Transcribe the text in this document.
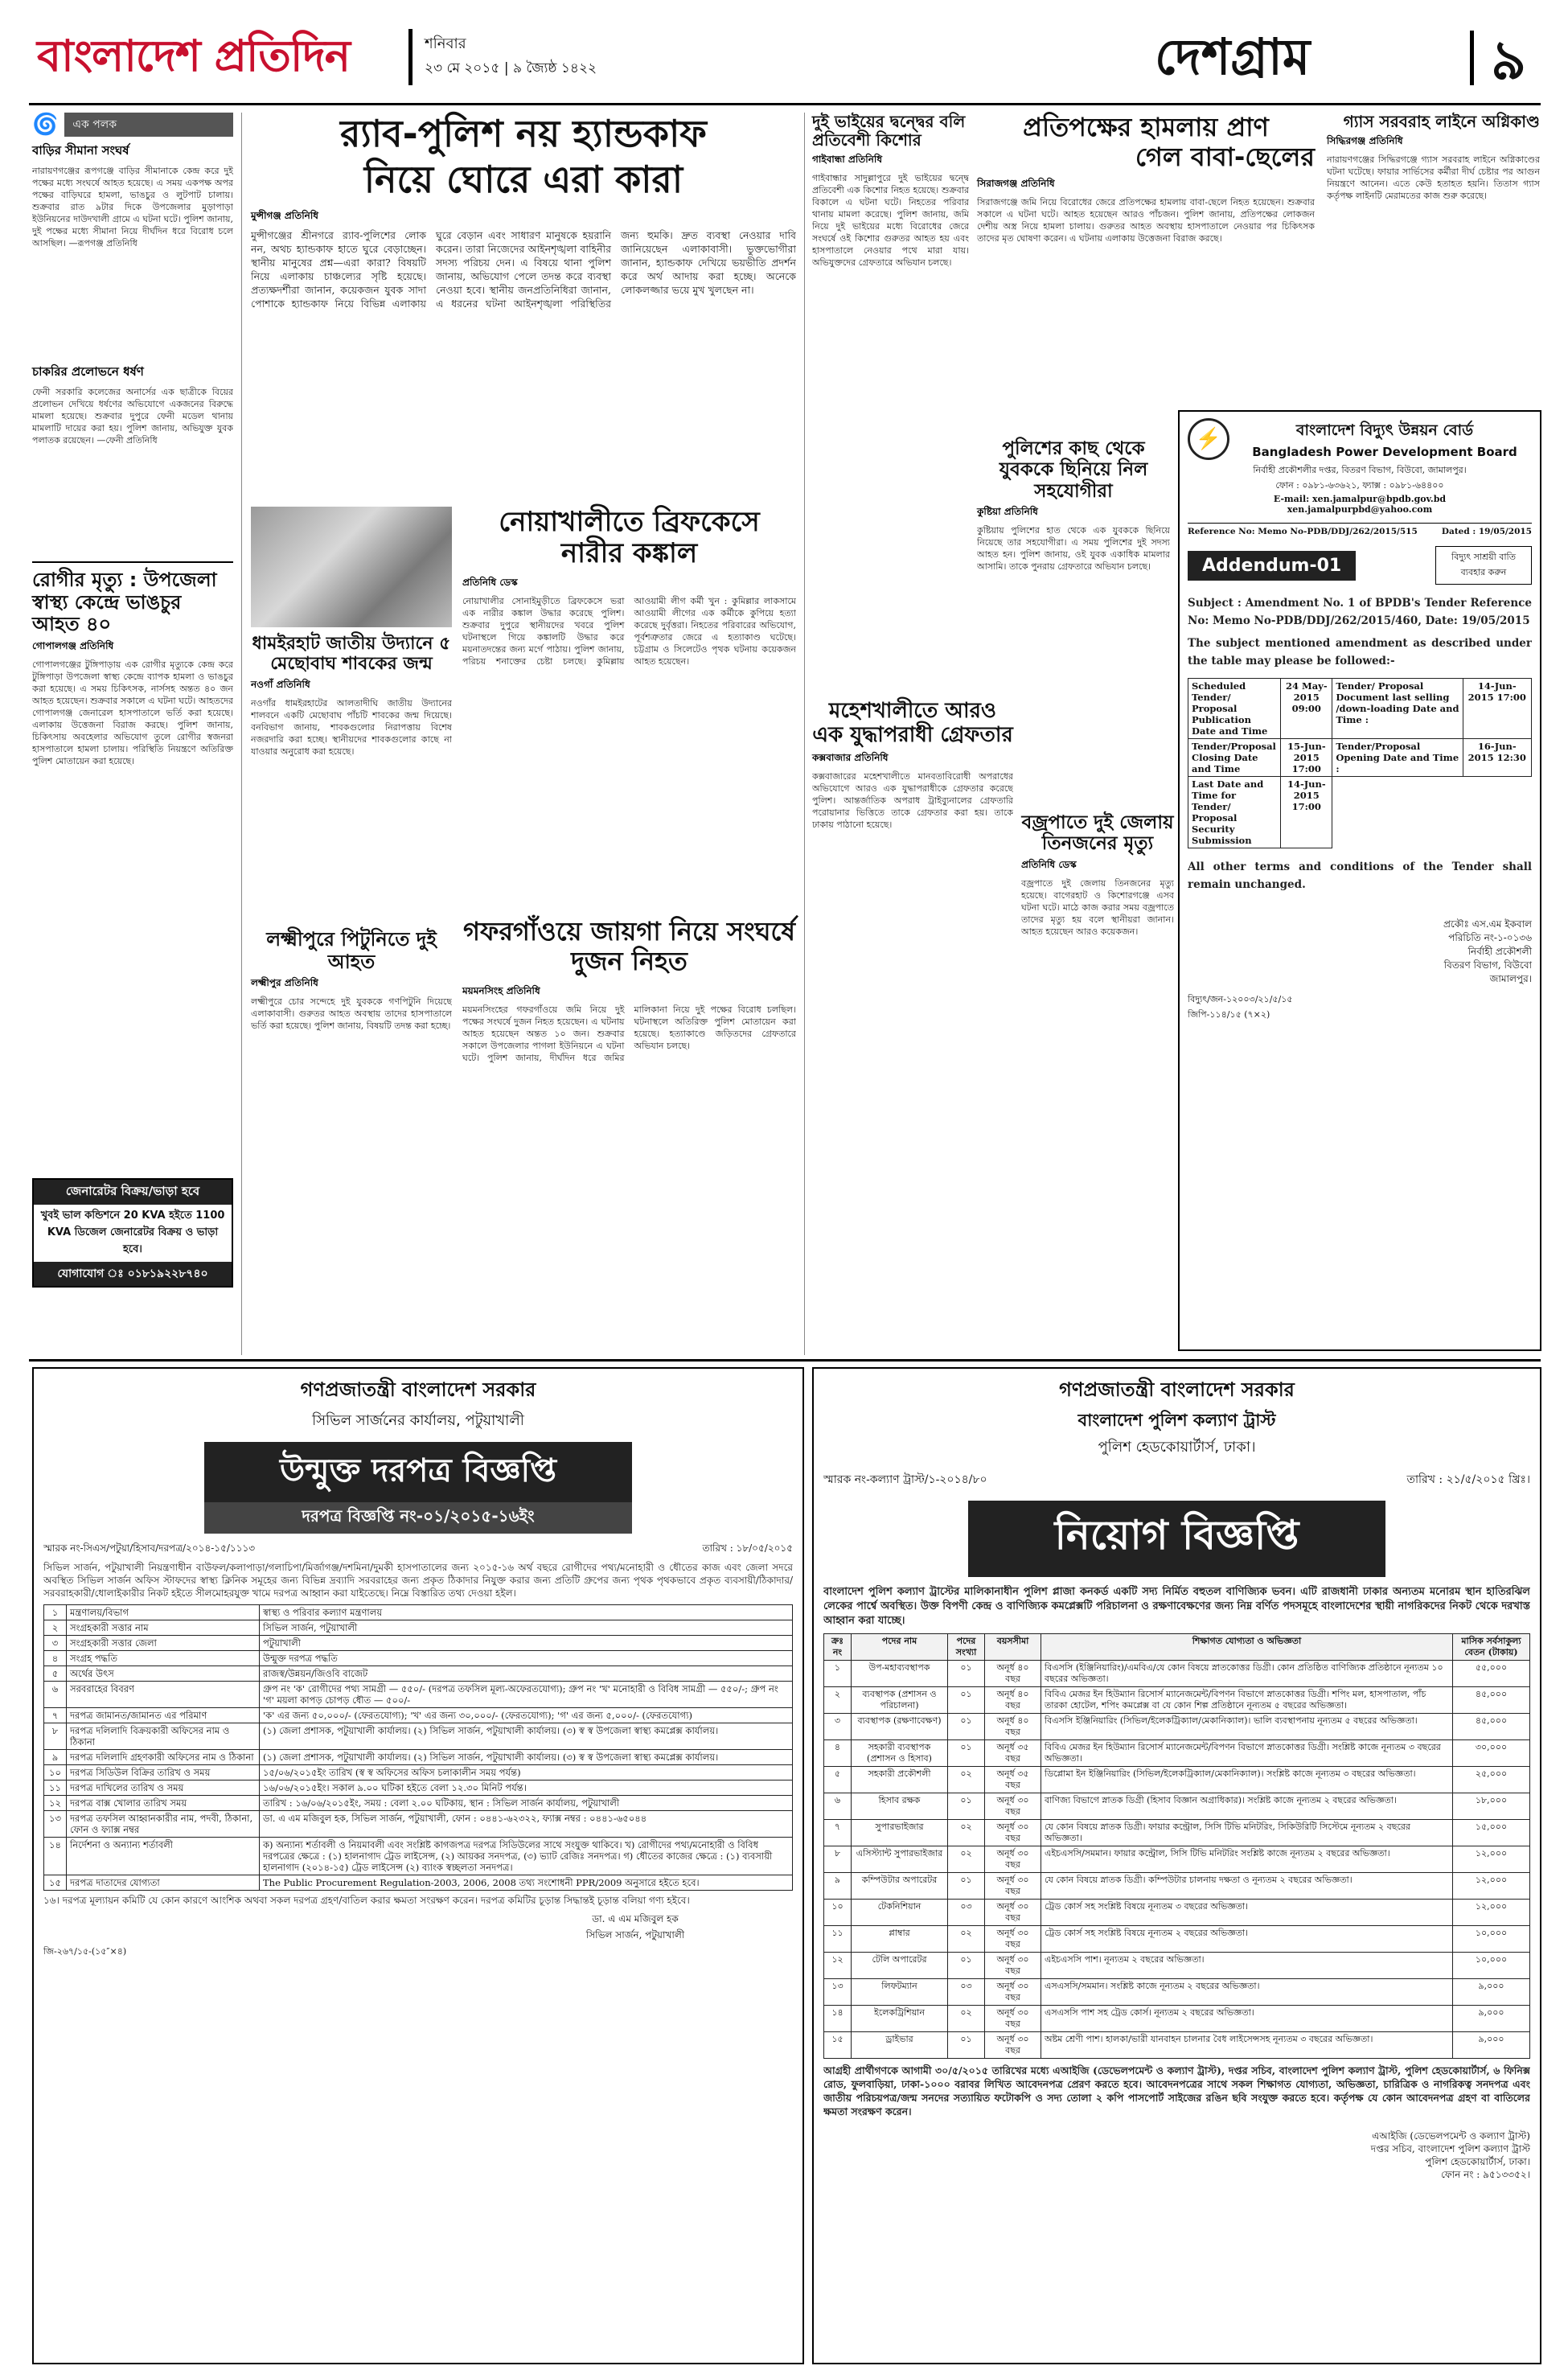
বাংলাদেশ প্রতিদিন	শনিবার
২৩ মে ২০১৫ | ৯ জ্যৈষ্ঠ ১৪২২	দেশগ্রাম	৯
🌀	এক পলক
বাড়ির সীমানা সংঘর্ষ
নারায়ণগঞ্জের রূপগঞ্জে বাড়ির সীমানাকে কেন্দ্র করে দুই পক্ষের মধ্যে সংঘর্ষে আহত হয়েছে। এ সময় একপক্ষ অপর পক্ষের বাড়িঘরে হামলা, ভাঙচুর ও লুটপাট চালায়। শুক্রবার রাত ৯টার দিকে উপজেলার মুড়াপাড়া ইউনিয়নের দাউদখালী গ্রামে এ ঘটনা ঘটে। পুলিশ জানায়, দুই পক্ষের মধ্যে সীমানা নিয়ে দীর্ঘদিন ধরে বিরোধ চলে আসছিল। —রূপগঞ্জ প্রতিনিধি
চাকরির প্রলোভনে ধর্ষণ
ফেনী সরকারি কলেজের অনার্সের এক ছাত্রীকে বিয়ের প্রলোভন দেখিয়ে ধর্ষণের অভিযোগে একজনের বিরুদ্ধে মামলা হয়েছে। শুক্রবার দুপুরে ফেনী মডেল থানায় মামলাটি দায়ের করা হয়। পুলিশ জানায়, অভিযুক্ত যুবক পলাতক রয়েছেন। —ফেনী প্রতিনিধি
রোগীর মৃত্যু : উপজেলা স্বাস্থ্য কেন্দ্রে ভাঙচুর আহত ৪০
গোপালগঞ্জ প্রতিনিধি
গোপালগঞ্জের টুঙ্গিপাড়ায় এক রোগীর মৃত্যুকে কেন্দ্র করে টুঙ্গিপাড়া উপজেলা স্বাস্থ্য কেন্দ্রে ব্যাপক হামলা ও ভাঙচুর করা হয়েছে। এ সময় চিকিৎসক, নার্সসহ অন্তত ৪০ জন আহত হয়েছেন। শুক্রবার সকালে এ ঘটনা ঘটে। আহতদের গোপালগঞ্জ জেনারেল হাসপাতালে ভর্তি করা হয়েছে। এলাকায় উত্তেজনা বিরাজ করছে। পুলিশ জানায়, চিকিৎসায় অবহেলার অভিযোগ তুলে রোগীর স্বজনরা হাসপাতালে হামলা চালায়। পরিস্থিতি নিয়ন্ত্রণে অতিরিক্ত পুলিশ মোতায়েন করা হয়েছে।
জেনারেটর বিক্রয়/ভাড়া হবে
খুবই ভাল কন্ডিশনে 20 KVA হইতে 1100 KVA ডিজেল জেনারেটর বিক্রয় ও ভাড়া হবে।
যোগাযোগ ঃ ০১৮১৯২২৮৭৪০
র‌্যাব-পুলিশ নয় হ্যান্ডকাফ
নিয়ে ঘোরে এরা কারা
মুন্সীগঞ্জ প্রতিনিধি
মুন্সীগঞ্জের শ্রীনগরে র‌্যাব-পুলিশের লোক নন, অথচ হ্যান্ডকাফ হাতে ঘুরে বেড়াচ্ছেন। স্থানীয় মানুষের প্রশ্ন—এরা কারা? বিষয়টি নিয়ে এলাকায় চাঞ্চল্যের সৃষ্টি হয়েছে। প্রত্যক্ষদর্শীরা জানান, কয়েকজন যুবক সাদা পোশাকে হ্যান্ডকাফ নিয়ে বিভিন্ন এলাকায় ঘুরে বেড়ান এবং সাধারণ মানুষকে হয়রানি করেন। তারা নিজেদের আইনশৃঙ্খলা বাহিনীর সদস্য পরিচয় দেন। এ বিষয়ে থানা পুলিশ জানায়, অভিযোগ পেলে তদন্ত করে ব্যবস্থা নেওয়া হবে। স্থানীয় জনপ্রতিনিধিরা জানান, এ ধরনের ঘটনা আইনশৃঙ্খলা পরিস্থিতির জন্য হুমকি। দ্রুত ব্যবস্থা নেওয়ার দাবি জানিয়েছেন এলাকাবাসী। ভুক্তভোগীরা জানান, হ্যান্ডকাফ দেখিয়ে ভয়ভীতি প্রদর্শন করে অর্থ আদায় করা হচ্ছে। অনেকে লোকলজ্জার ভয়ে মুখ খুলছেন না।
ধামইরহাট জাতীয় উদ্যানে ৫ মেছোবাঘ শাবকের জন্ম
নওগাঁ প্রতিনিধি
নওগাঁর ধামইরহাটের আলতাদীঘি জাতীয় উদ্যানের শালবনে একটি মেছোবাঘ পাঁচটি শাবকের জন্ম দিয়েছে। বনবিভাগ জানায়, শাবকগুলোর নিরাপত্তায় বিশেষ নজরদারি করা হচ্ছে। স্থানীয়দের শাবকগুলোর কাছে না যাওয়ার অনুরোধ করা হয়েছে।
নোয়াখালীতে ব্রিফকেসে নারীর কঙ্কাল
প্রতিনিধি ডেস্ক
নোয়াখালীর সোনাইমুড়ীতে ব্রিফকেসে ভরা এক নারীর কঙ্কাল উদ্ধার করেছে পুলিশ। শুক্রবার দুপুরে স্থানীয়দের খবরে পুলিশ ঘটনাস্থলে গিয়ে কঙ্কালটি উদ্ধার করে ময়নাতদন্তের জন্য মর্গে পাঠায়। পুলিশ জানায়, পরিচয় শনাক্তের চেষ্টা চলছে। কুমিল্লায় আওয়ামী লীগ কর্মী খুন : কুমিল্লার লাকসামে আওয়ামী লীগের এক কর্মীকে কুপিয়ে হত্যা করেছে দুর্বৃত্তরা। নিহতের পরিবারের অভিযোগ, পূর্বশত্রুতার জেরে এ হত্যাকাণ্ড ঘটেছে। চট্টগ্রাম ও সিলেটেও পৃথক ঘটনায় কয়েকজন আহত হয়েছেন।
লক্ষ্মীপুরে পিটুনিতে দুই আহত
লক্ষ্মীপুর প্রতিনিধি
লক্ষ্মীপুরে চোর সন্দেহে দুই যুবককে গণপিটুনি দিয়েছে এলাকাবাসী। গুরুতর আহত অবস্থায় তাদের হাসপাতালে ভর্তি করা হয়েছে। পুলিশ জানায়, বিষয়টি তদন্ত করা হচ্ছে।
গফরগাঁওয়ে জায়গা নিয়ে সংঘর্ষে দুজন নিহত
ময়মনসিংহ প্রতিনিধি
ময়মনসিংহের গফরগাঁওয়ে জমি নিয়ে দুই পক্ষের সংঘর্ষে দুজন নিহত হয়েছেন। এ ঘটনায় আহত হয়েছেন অন্তত ১০ জন। শুক্রবার সকালে উপজেলার পাগলা ইউনিয়নে এ ঘটনা ঘটে। পুলিশ জানায়, দীর্ঘদিন ধরে জমির মালিকানা নিয়ে দুই পক্ষের বিরোধ চলছিল। ঘটনাস্থলে অতিরিক্ত পুলিশ মোতায়েন করা হয়েছে। হত্যাকাণ্ডে জড়িতদের গ্রেফতারে অভিযান চলছে।
দুই ভাইয়ের দ্বন্দ্বের বলি প্রতিবেশী কিশোর
গাইবান্ধা প্রতিনিধি
গাইবান্ধার সাদুল্লাপুরে দুই ভাইয়ের দ্বন্দ্বে প্রতিবেশী এক কিশোর নিহত হয়েছে। শুক্রবার বিকালে এ ঘটনা ঘটে। নিহতের পরিবার থানায় মামলা করেছে। পুলিশ জানায়, জমি নিয়ে দুই ভাইয়ের মধ্যে বিরোধের জেরে সংঘর্ষে ওই কিশোর গুরুতর আহত হয় এবং হাসপাতালে নেওয়ার পথে মারা যায়। অভিযুক্তদের গ্রেফতারে অভিযান চলছে।
মহেশখালীতে আরও এক যুদ্ধাপরাধী গ্রেফতার
কক্সবাজার প্রতিনিধি
কক্সবাজারের মহেশখালীতে মানবতাবিরোধী অপরাধের অভিযোগে আরও এক যুদ্ধাপরাধীকে গ্রেফতার করেছে পুলিশ। আন্তর্জাতিক অপরাধ ট্রাইব্যুনালের গ্রেফতারি পরোয়ানার ভিত্তিতে তাকে গ্রেফতার করা হয়। তাকে ঢাকায় পাঠানো হয়েছে।
প্রতিপক্ষের হামলায় প্রাণ
গেল বাবা-ছেলের
সিরাজগঞ্জ প্রতিনিধি
সিরাজগঞ্জে জমি নিয়ে বিরোধের জেরে প্রতিপক্ষের হামলায় বাবা-ছেলে নিহত হয়েছেন। শুক্রবার সকালে এ ঘটনা ঘটে। আহত হয়েছেন আরও পাঁচজন। পুলিশ জানায়, প্রতিপক্ষের লোকজন দেশীয় অস্ত্র নিয়ে হামলা চালায়। গুরুতর আহত অবস্থায় হাসপাতালে নেওয়ার পর চিকিৎসক তাদের মৃত ঘোষণা করেন। এ ঘটনায় এলাকায় উত্তেজনা বিরাজ করছে।
পুলিশের কাছ থেকে যুবককে ছিনিয়ে নিল সহযোগীরা
কুষ্টিয়া প্রতিনিধি
কুষ্টিয়ায় পুলিশের হাত থেকে এক যুবককে ছিনিয়ে নিয়েছে তার সহযোগীরা। এ সময় পুলিশের দুই সদস্য আহত হন। পুলিশ জানায়, ওই যুবক একাধিক মামলার আসামি। তাকে পুনরায় গ্রেফতারে অভিযান চলছে।
বজ্রপাতে দুই জেলায় তিনজনের মৃত্যু
প্রতিনিধি ডেস্ক
বজ্রপাতে দুই জেলায় তিনজনের মৃত্যু হয়েছে। বাগেরহাট ও কিশোরগঞ্জে এসব ঘটনা ঘটে। মাঠে কাজ করার সময় বজ্রপাতে তাদের মৃত্যু হয় বলে স্থানীয়রা জানান। আহত হয়েছেন আরও কয়েকজন।
গ্যাস সরবরাহ লাইনে অগ্নিকাণ্ড
সিদ্ধিরগঞ্জ প্রতিনিধি
নারায়ণগঞ্জের সিদ্ধিরগঞ্জে গ্যাস সরবরাহ লাইনে অগ্নিকাণ্ডের ঘটনা ঘটেছে। ফায়ার সার্ভিসের কর্মীরা দীর্ঘ চেষ্টার পর আগুন নিয়ন্ত্রণে আনেন। এতে কেউ হতাহত হয়নি। তিতাস গ্যাস কর্তৃপক্ষ লাইনটি মেরামতের কাজ শুরু করেছে।
⚡	বাংলাদেশ বিদ্যুৎ উন্নয়ন বোর্ড
Bangladesh Power Development Board
নির্বাহী প্রকৌশলীর দপ্তর, বিতরণ বিভাগ, বিউবো, জামালপুর।
ফোন : ০৯৮১-৬৩৬২১, ফ্যাক্স : ০৯৮১-৬৪৪০০
E-mail: xen.jamalpur@bpdb.gov.bd
xen.jamalpurpbd@yahoo.com
Reference No: Memo No-PDB/DDJ/262/2015/515	Dated : 19/05/2015
Addendum-01	বিদ্যুৎ সাশ্রয়ী বাতি ব্যবহার করুন
Subject : Amendment No. 1 of BPDB's Tender Reference No: Memo No-PDB/DDJ/262/2015/460, Date: 19/05/2015
The subject mentioned amendment as described under the table may please be followed:-
Scheduled Tender/ Proposal Publication Date and Time	24 May-2015 09:00	Tender/ Proposal Document last selling /down-loading Date and Time :	14-Jun-2015 17:00
Tender/Proposal Closing Date and Time	15-Jun-2015 17:00	Tender/Proposal Opening Date and Time :	16-Jun-2015 12:30
Last Date and Time for Tender/ Proposal Security Submission	14-Jun-2015 17:00		
All other terms and conditions of the Tender shall remain unchanged.
প্রকৌঃ এস.এম ইকবাল
পরিচিতি নং-১-০১৩৬
নির্বাহী প্রকৌশলী
বিতরণ বিভাগ, বিউবো
জামালপুর।
বিদ্যুৎ/জন-১২০০৩/২১/৫/১৫ জিপি-১১৪/১৫ (৭×২)
গণপ্রজাতন্ত্রী বাংলাদেশ সরকার
সিভিল সার্জনের কার্যালয়, পটুয়াখালী
উন্মুক্ত দরপত্র বিজ্ঞপ্তি
দরপত্র বিজ্ঞপ্তি নং-০১/২০১৫-১৬ইং
স্মারক নং-সিএস/পটুয়া/হিসাব/দরপত্র/২০১৪-১৫/১১১৩	তারিখ : ১৮/০৫/২০১৫
সিভিল সার্জন, পটুয়াখালী নিয়ন্ত্রণাধীন বাউফল/কলাপাড়া/গলাচিপা/মির্জাগঞ্জ/দশমিনা/দুমকী হাসপাতালের জন্য ২০১৫-১৬ অর্থ বছরে রোগীদের পথ্য/মনোহারী ও ধৌতের কাজ এবং জেলা সদরে অবস্থিত সিভিল সার্জন অফিস স্টাফদের স্বাস্থ্য ক্লিনিক সমূহের জন্য বিভিন্ন দ্রব্যাদি সরবরাহের জন্য প্রকৃত ঠিকাদার নিযুক্ত করার জন্য প্রতিটি গ্রুপের জন্য পৃথক পৃথকভাবে প্রকৃত ব্যবসায়ী/ঠিকাদার/সরবরাহকারী/ধোলাইকারীর নিকট হইতে সীলমোহরযুক্ত খামে দরপত্র আহ্বান করা যাইতেছে। নিম্নে বিস্তারিত তথ্য দেওয়া হইল।
১	মন্ত্রণালয়/বিভাগ	স্বাস্থ্য ও পরিবার কল্যাণ মন্ত্রণালয়
২	সংগ্রহকারী সত্তার নাম	সিভিল সার্জন, পটুয়াখালী
৩	সংগ্রহকারী সত্তার জেলা	পটুয়াখালী
৪	সংগ্রহ পদ্ধতি	উন্মুক্ত দরপত্র পদ্ধতি
৫	অর্থের উৎস	রাজস্ব/উন্নয়ন/জিওবি বাজেট
৬	সরবরাহের বিবরণ	গ্রুপ নং 'ক' রোগীদের পথ্য সামগ্রী — ৫৫০/- (দরপত্র তফসিল মূল্য-অফেরতযোগ্য); গ্রুপ নং 'খ' মনোহারী ও বিবিধ সামগ্রী — ৫৫০/-; গ্রুপ নং 'গ' ময়লা কাপড় চোপড় ধৌত — ৫০০/-
৭	দরপত্র জামানত/জামানত এর পরিমাণ	'ক' এর জন্য ৫০,০০০/- (ফেরতযোগ্য); 'খ' এর জন্য ৩০,০০০/- (ফেরতযোগ্য); 'গ' এর জন্য ৫,০০০/- (ফেরতযোগ্য)
৮	দরপত্র দলিলাদি বিক্রয়কারী অফিসের নাম ও ঠিকানা	(১) জেলা প্রশাসক, পটুয়াখালী কার্যালয়। (২) সিভিল সার্জন, পটুয়াখালী কার্যালয়। (৩) স্ব স্ব উপজেলা স্বাস্থ্য কমপ্লেক্স কার্যালয়।
৯	দরপত্র দলিলাদি গ্রহণকারী অফিসের নাম ও ঠিকানা	(১) জেলা প্রশাসক, পটুয়াখালী কার্যালয়। (২) সিভিল সার্জন, পটুয়াখালী কার্যালয়। (৩) স্ব স্ব উপজেলা স্বাস্থ্য কমপ্লেক্স কার্যালয়।
১০	দরপত্র সিডিউল বিক্রির তারিখ ও সময়	১৫/০৬/২০১৫ইং তারিখ (স্ব স্ব অফিসের অফিস চলাকালীন সময় পর্যন্ত)
১১	দরপত্র দাখিলের তারিখ ও সময়	১৬/০৬/২০১৫ইং। সকাল ৯.০০ ঘটিকা হইতে বেলা ১২.৩০ মিনিট পর্যন্ত।
১২	দরপত্র বাক্স খোলার তারিখ সময়	তারিখ : ১৬/০৬/২০১৫ইং, সময় : বেলা ২.০০ ঘটিকায়, স্থান : সিভিল সার্জন কার্যালয়, পটুয়াখালী
১৩	দরপত্র তফসিল আহ্বানকারীর নাম, পদবী, ঠিকানা, ফোন ও ফ্যাক্স নম্বর	ডা. এ এম মজিবুল হক, সিভিল সার্জন, পটুয়াখালী, ফোন : ০৪৪১-৬২৩২২, ফ্যাক্স নম্বর : ০৪৪১-৬৫০৪৪
১৪	নির্দেশনা ও অন্যান্য শর্তাবলী	ক) অন্যান্য শর্তাবলী ও নিয়মাবলী এবং সংশ্লিষ্ট কাগজপত্র দরপত্র সিডিউলের সাথে সংযুক্ত থাকিবে। খ) রোগীদের পথ্য/মনোহারী ও বিবিধ দরপত্রের ক্ষেত্রে : (১) হালনাগাদ ট্রেড লাইসেন্স, (২) আয়কর সনদপত্র, (৩) ভ্যাট রেজিঃ সনদপত্র। গ) ধৌতের কাজের ক্ষেত্রে : (১) ব্যবসায়ী হালনাগাদ (২০১৪-১৫) ট্রেড লাইসেন্স (২) ব্যাংক স্বচ্ছলতা সনদপত্র।
১৫	দরপত্র দাতাদের যোগ্যতা	The Public Procurement Regulation-2003, 2006, 2008 তথ্য সংশোধনী PPR/2009 অনুসারে হইতে হবে।
১৬। দরপত্র মূল্যায়ন কমিটি যে কোন কারণে আংশিক অথবা সকল দরপত্র গ্রহণ/বাতিল করার ক্ষমতা সংরক্ষণ করেন। দরপত্র কমিটির চূড়ান্ত সিদ্ধান্তই চূড়ান্ত বলিয়া গণ্য হইবে।
ডা. এ এম মজিবুল হক
সিভিল সার্জন, পটুয়াখালী
জি-২৬৭/১৫-(১৫″×৪)
গণপ্রজাতন্ত্রী বাংলাদেশ সরকার
বাংলাদেশ পুলিশ কল্যাণ ট্রাস্ট
পুলিশ হেডকোয়ার্টার্স, ঢাকা।
স্মারক নং-কল্যাণ ট্রাস্ট/১-২০১৪/৮০	তারিখ : ২১/৫/২০১৫ খ্রিঃ।
নিয়োগ বিজ্ঞপ্তি
বাংলাদেশ পুলিশ কল্যাণ ট্রাস্টের মালিকানাধীন পুলিশ প্লাজা কনকর্ড একটি সদ্য নির্মিত বহুতল বাণিজ্যিক ভবন। এটি রাজধানী ঢাকার অন্যতম মনোরম স্থান হাতিরঝিল লেকের পার্শ্বে অবস্থিত। উক্ত বিপণী কেন্দ্র ও বাণিজ্যিক কমপ্লেক্সটি পরিচালনা ও রক্ষণাবেক্ষণের জন্য নিম্ন বর্ণিত পদসমূহে বাংলাদেশের স্থায়ী নাগরিকদের নিকট থেকে দরখাস্ত আহ্বান করা যাচ্ছে।
ক্রঃ নং	পদের নাম	পদের সংখ্যা	বয়সসীমা	শিক্ষাগত যোগ্যতা ও অভিজ্ঞতা	মাসিক সর্বসাকুল্য বেতন (টাকায়)
১	উপ-মহাব্যবস্থাপক	০১	অনূর্ধ ৪০ বছর	বিএসসি (ইঞ্জিনিয়ারিং)/এমবিএ/যে কোন বিষয়ে স্নাতকোত্তর ডিগ্রী। কোন প্রতিষ্ঠিত বাণিজ্যিক প্রতিষ্ঠানে নূন্যতম ১০ বছরের অভিজ্ঞতা।	৫৫,০০০
২	ব্যবস্থাপক (প্রশাসন ও পরিচালনা)	০১	অনূর্ধ ৪০ বছর	বিবিএ মেজর ইন হিউম্যান রিসোর্স ম্যানেজমেন্ট/বিপণন বিভাগে স্নাতকোত্তর ডিগ্রী। শপিং মল, হাসপাতাল, পাঁচ তারকা হোটেল, শপিং কমপ্লেক্স বা যে কোন শিল্প প্রতিষ্ঠানে নূন্যতম ৫ বছরের অভিজ্ঞতা।	৪৫,০০০
৩	ব্যবস্থাপক (রক্ষণাবেক্ষণ)	০১	অনূর্ধ ৪০ বছর	বিএসসি ইঞ্জিনিয়ারিং (সিভিল/ইলেকট্রিক্যাল/মেকানিক্যাল)। ভালি ব্যবস্থাপনায় নূন্যতম ৫ বছরের অভিজ্ঞতা।	৪৫,০০০
৪	সহকারী ব্যবস্থাপক (প্রশাসন ও হিসাব)	০১	অনূর্ধ ৩৫ বছর	বিবিএ মেজর ইন হিউম্যান রিসোর্স ম্যানেজমেন্ট/বিপণন বিভাগে স্নাতকোত্তর ডিগ্রী। সংশ্লিষ্ট কাজে নূন্যতম ৩ বছরের অভিজ্ঞতা।	৩০,০০০
৫	সহকারী প্রকৌশলী	০২	অনূর্ধ ৩৫ বছর	ডিপ্লোমা ইন ইঞ্জিনিয়ারিং (সিভিল/ইলেকট্রিক্যাল/মেকানিক্যাল)। সংশ্লিষ্ট কাজে নূন্যতম ৩ বছরের অভিজ্ঞতা।	২৫,০০০
৬	হিসাব রক্ষক	০১	অনূর্ধ ৩০ বছর	বাণিজ্য বিভাগে স্নাতক ডিগ্রী (হিসাব বিজ্ঞান অগ্রাধিকার)। সংশ্লিষ্ট কাজে নূন্যতম ২ বছরের অভিজ্ঞতা।	১৮,০০০
৭	সুপারভাইজার	০২	অনূর্ধ ৩০ বছর	যে কোন বিষয়ে স্নাতক ডিগ্রী। ফায়ার কন্ট্রোল, সিসি টিভি মনিটরিং, সিকিউরিটি সিস্টেমে নূন্যতম ২ বছরের অভিজ্ঞতা।	১৫,০০০
৮	এসিস্ট্যান্ট সুপারভাইজার	০২	অনূর্ধ ৩০ বছর	এইচএসসি/সমমান। ফায়ার কন্ট্রোল, সিসি টিভি মনিটরিং সংশ্লিষ্ট কাজে নূন্যতম ২ বছরের অভিজ্ঞতা।	১২,০০০
৯	কম্পিউটার অপারেটর	০১	অনূর্ধ ৩০ বছর	যে কোন বিষয়ে স্নাতক ডিগ্রী। কম্পিউটার চালনায় দক্ষতা ও নূন্যতম ২ বছরের অভিজ্ঞতা।	১২,০০০
১০	টেকনিশিয়ান	০৩	অনূর্ধ ৩০ বছর	ট্রেড কোর্স সহ সংশ্লিষ্ট বিষয়ে নূন্যতম ৩ বছরের অভিজ্ঞতা।	১২,০০০
১১	প্লাম্বার	০২	অনূর্ধ ৩০ বছর	ট্রেড কোর্স সহ সংশ্লিষ্ট বিষয়ে নূন্যতম ২ বছরের অভিজ্ঞতা।	১০,০০০
১২	টেলি অপারেটর	০১	অনূর্ধ ৩০ বছর	এইচএসসি পাশ। নূন্যতম ২ বছরের অভিজ্ঞতা।	১০,০০০
১৩	লিফটম্যান	০৩	অনূর্ধ ৩০ বছর	এসএসসি/সমমান। সংশ্লিষ্ট কাজে নূন্যতম ২ বছরের অভিজ্ঞতা।	৯,০০০
১৪	ইলেকট্রিশিয়ান	০২	অনূর্ধ ৩০ বছর	এসএসসি পাশ সহ ট্রেড কোর্স। নূন্যতম ২ বছরের অভিজ্ঞতা।	৯,০০০
১৫	ড্রাইভার	০১	অনূর্ধ ৩০ বছর	অষ্টম শ্রেণী পাশ। হালকা/ভারী যানবাহন চালনার বৈধ লাইসেন্সসহ নূন্যতম ৩ বছরের অভিজ্ঞতা।	৯,০০০
আগ্রহী প্রার্থীগণকে আগামী ৩০/৫/২০১৫ তারিখের মধ্যে এআইজি (ডেভেলপমেন্ট ও কল্যাণ ট্রাস্ট), দপ্তর সচিব, বাংলাদেশ পুলিশ কল্যাণ ট্রাস্ট, পুলিশ হেডকোয়ার্টার্স, ৬ ফিনিক্স রোড, ফুলবাড়িয়া, ঢাকা-১০০০ বরাবর লিখিত আবেদনপত্র প্রেরণ করতে হবে। আবেদনপত্রের সাথে সকল শিক্ষাগত যোগ্যতা, অভিজ্ঞতা, চারিত্রিক ও নাগরিকত্ব সনদপত্র এবং জাতীয় পরিচয়পত্র/জন্ম সনদের সত্যায়িত ফটোকপি ও সদ্য তোলা ২ কপি পাসপোর্ট সাইজের রঙিন ছবি সংযুক্ত করতে হবে। কর্তৃপক্ষ যে কোন আবেদনপত্র গ্রহণ বা বাতিলের ক্ষমতা সংরক্ষণ করেন।
এআইজি (ডেভেলপমেন্ট ও কল্যাণ ট্রাস্ট)
দপ্তর সচিব, বাংলাদেশ পুলিশ কল্যাণ ট্রাস্ট
পুলিশ হেডকোয়ার্টার্স, ঢাকা।
ফোন নং : ৯৫১৩৩৫২।
